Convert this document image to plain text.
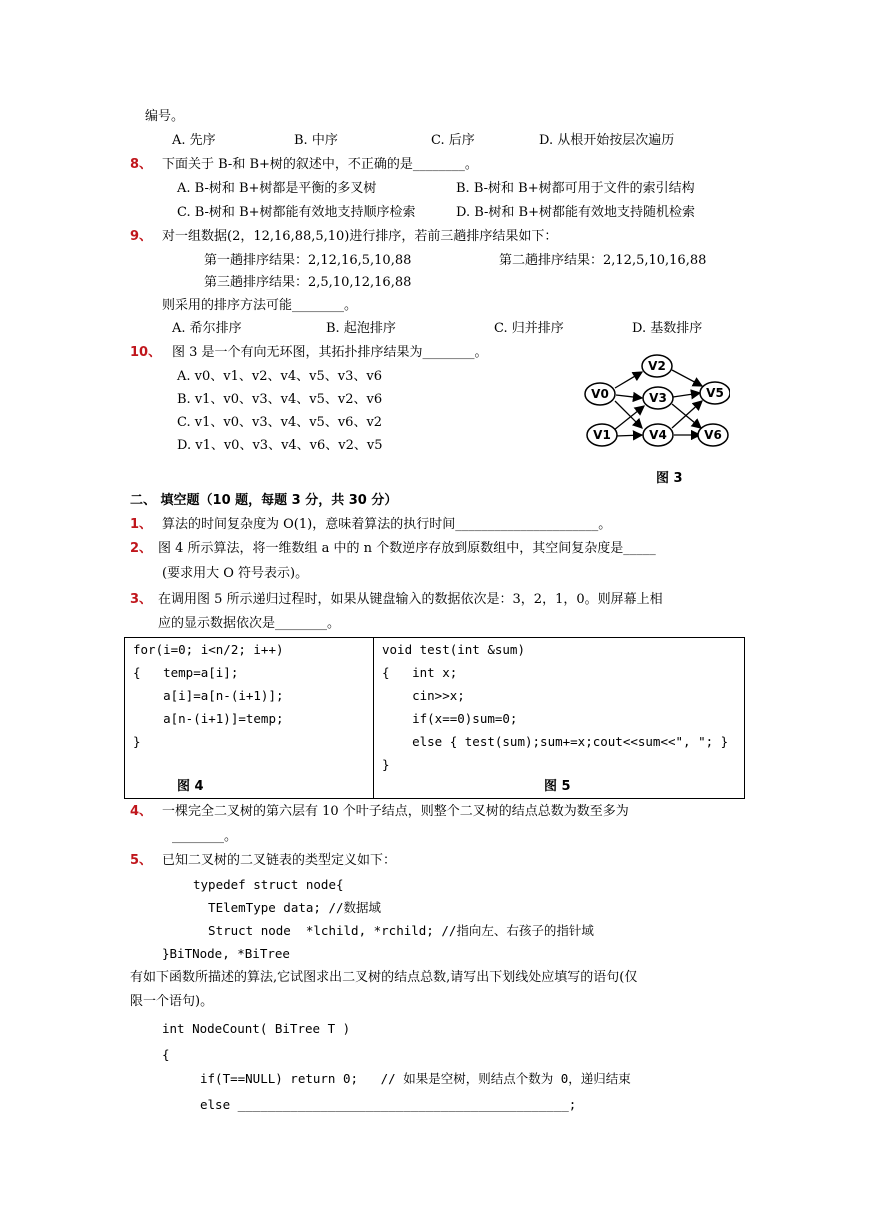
编号。
A. 先序	B. 中序	C. 后序	D. 从根开始按层次遍历
8、 下面关于 B-和 B+树的叙述中，不正确的是________。
A. B-树和 B+树都是平衡的多叉树	B. B-树和 B+树都可用于文件的索引结构
C. B-树和 B+树都能有效地支持顺序检索	D. B-树和 B+树都能有效地支持随机检索
9、 对一组数据(2，12,16,88,5,10)进行排序，若前三趟排序结果如下：
第一趟排序结果：2,12,16,5,10,88	第二趟排序结果：2,12,5,10,16,88
第三趟排序结果：2,5,10,12,16,88
则采用的排序方法可能________。
A. 希尔排序	B. 起泡排序	C. 归并排序	D. 基数排序
10、 图 3 是一个有向无环图，其拓扑排序结果为________。
A. v0、v1、v2、v4、v5、v3、v6
B. v1、v0、v3、v4、v5、v2、v6
C. v1、v0、v3、v4、v5、v6、v2
D. v1、v0、v3、v4、v6、v2、v5
V0
V1
V2
V3
V4
V5
V6
图 3
二、 填空题（10 题，每题 3 分，共 30 分）
1、 算法的时间复杂度为 O(1)，意味着算法的执行时间______________________。
2、 图 4 所示算法，将一维数组 a 中的 n 个数逆序存放到原数组中，其空间复杂度是_____
(要求用大 O 符号表示)。
3、 在调用图 5 所示递归过程时，如果从键盘输入的数据依次是：3，2，1，0。则屏幕上相
应的显示数据依次是________。
for(i=0; i<n/2; i++)
{   temp=a[i];
a[i]=a[n-(i+1)];
a[n-(i+1)]=temp;
}
图 4

void test(int &sum)
{   int x;
cin>>x;
if(x==0)sum=0;
else { test(sum);sum+=x;cout<<sum<<", "; }
}
图 5
4、 一棵完全二叉树的第六层有 10 个叶子结点，则整个二叉树的结点总数为数至多为
________。
5、 已知二叉树的二叉链表的类型定义如下：
typedef struct node{
TElemType data; //数据域
Struct node  *lchild, *rchild; //指向左、右孩子的指针域
}BiTNode, *BiTree
有如下函数所描述的算法,它试图求出二叉树的结点总数,请写出下划线处应填写的语句(仅
限一个语句)。
int NodeCount( BiTree T )
{
if(T==NULL) return 0;   // 如果是空树，则结点个数为 0，递归结束
else ____________________________________________;
